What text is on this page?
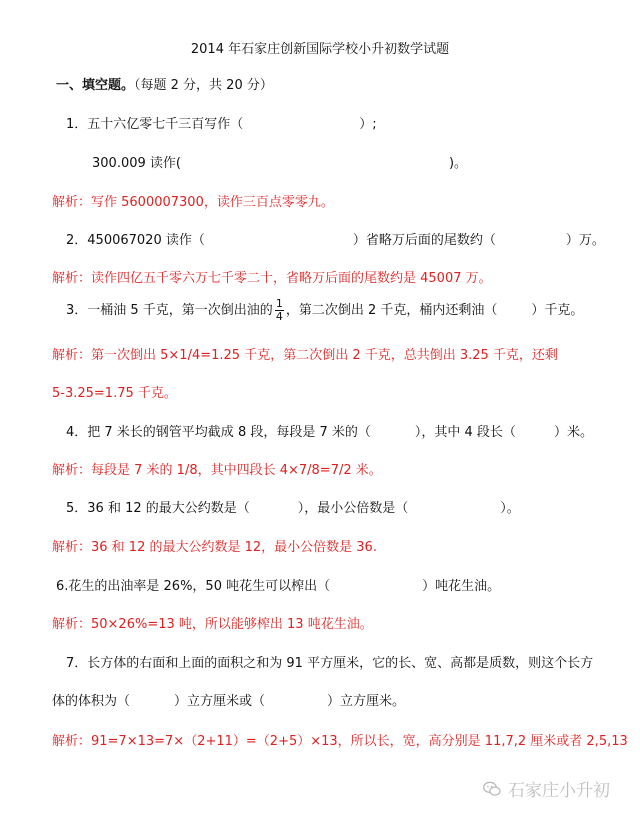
2014 年石家庄创新国际学校小升初数学试题
一、填空题。（每题 2 分，共 20 分）
1．五十六亿零七千三百写作（	）;
300.009 读作(	)。
解析：写作 5600007300，读作三百点零零九。
2．450067020 读作（	）省略万后面的尾数约（	）万。
解析：读作四亿五千零六万七千零二十，省略万后面的尾数约是 45007 万。
3．一桶油 5 千克，第一次倒出油的 $\frac{1}{4}$ ，第二次倒出 2 千克，桶内还剩油（	）千克。
解析：第一次倒出 5×1/4=1.25 千克，第二次倒出 2 千克，总共倒出 3.25 千克，还剩
5-3.25=1.75 千克。
4．把 7 米长的钢管平均截成 8 段，每段是 7 米的（	），其中 4 段长（	）米。
解析：每段是 7 米的 1/8，其中四段长 4×7/8=7/2 米。
5．36 和 12 的最大公约数是（	），最小公倍数是（	）。
解析：36 和 12 的最大公约数是 12，最小公倍数是 36.
6.花生的出油率是 26%，50 吨花生可以榨出（	）吨花生油。
解析：50×26%=13 吨，所以能够榨出 13 吨花生油。
7．长方体的右面和上面的面积之和为 91 平方厘米，它的长、宽、高都是质数，则这个长方
体的体积为（	）立方厘米或（	）立方厘米。
解析：91=7×13=7×（2+11）=（2+5）×13，所以长，宽，高分别是 11,7,2 厘米或者 2,5,13
石家庄小升初
